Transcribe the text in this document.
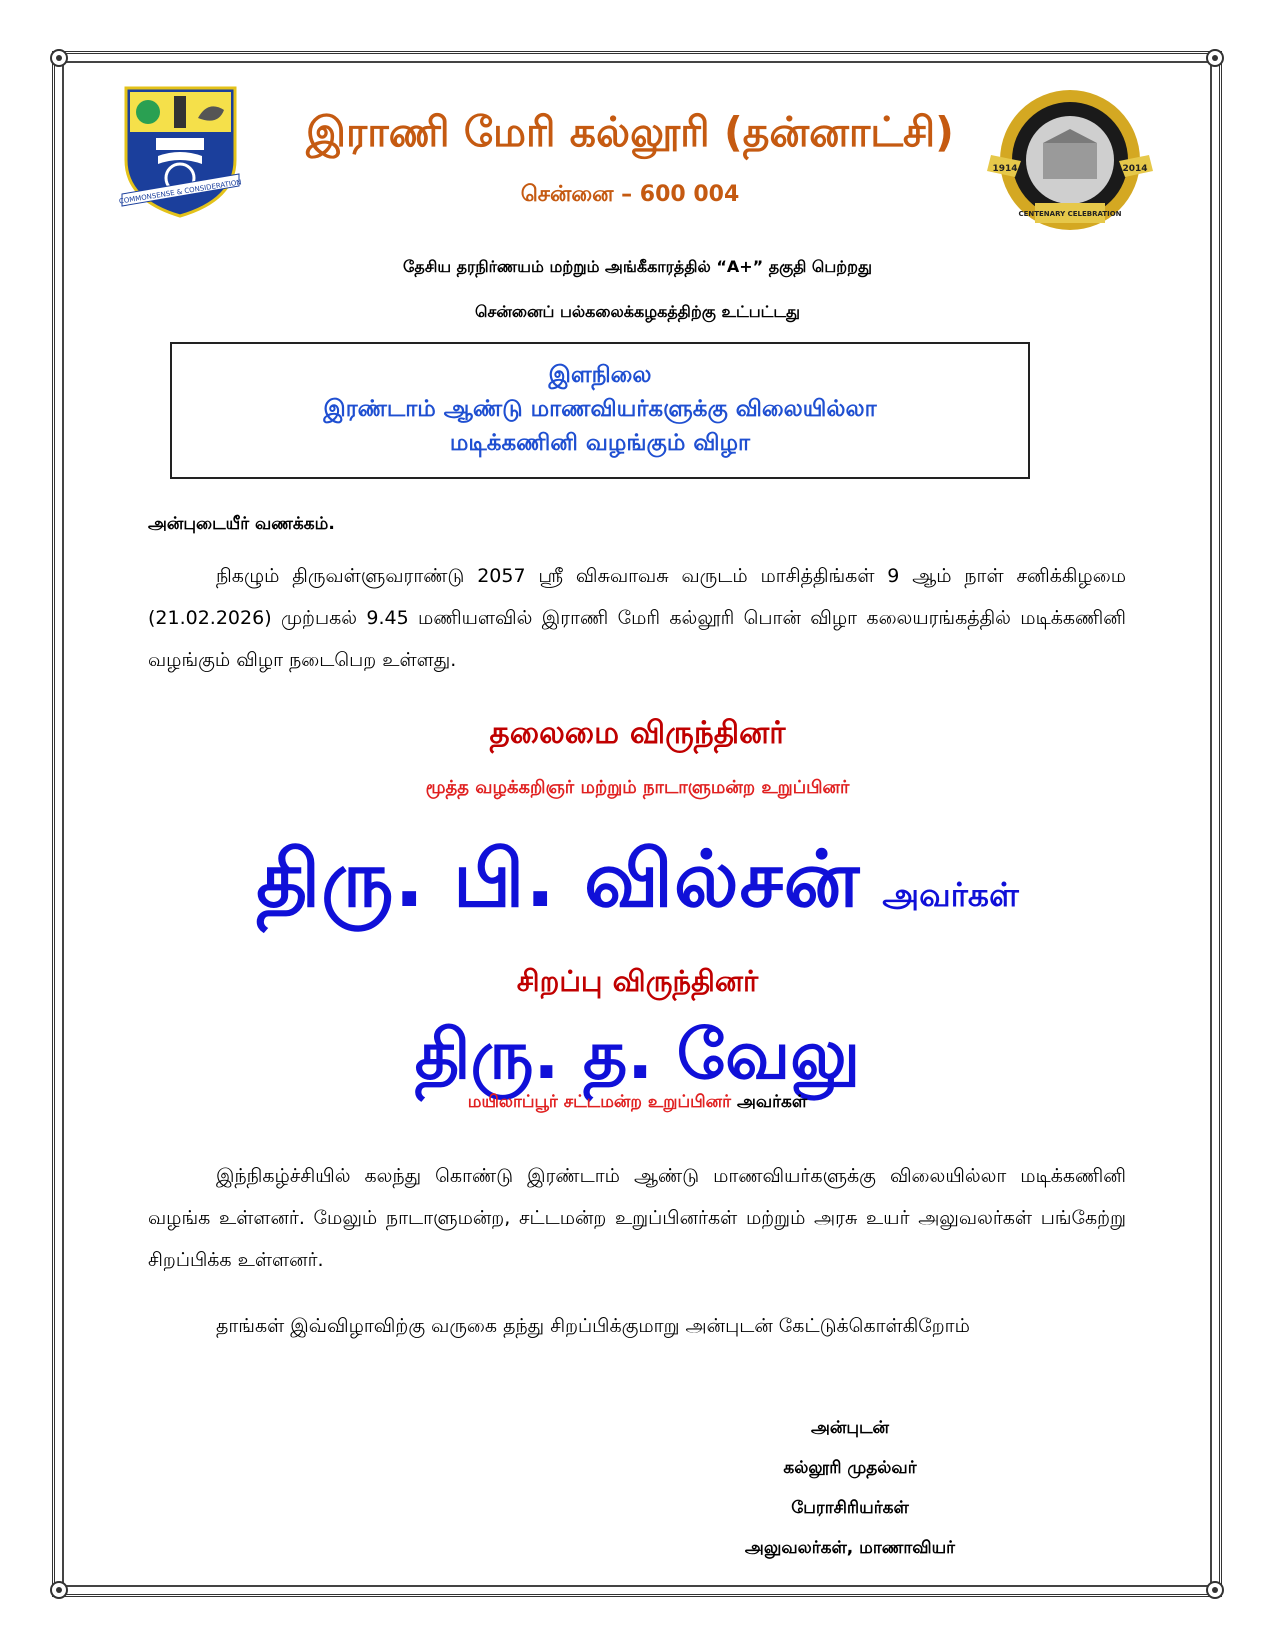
COMMONSENSE & CONSIDERATION
1914	2014
CENTENARY CELEBRATION
இராணி மேரி கல்லூரி (தன்னாட்சி)
சென்னை – 600 004
தேசிய தரநிர்ணயம் மற்றும் அங்கீகாரத்தில் “A+” தகுதி பெற்றது
சென்னைப் பல்கலைக்கழகத்திற்கு உட்பட்டது
இளநிலை
இரண்டாம் ஆண்டு மாணவியர்களுக்கு விலையில்லா
மடிக்கணினி வழங்கும் விழா
அன்புடையீர் வணக்கம்.
நிகழும் திருவள்ளுவராண்டு 2057 ஸ்ரீ விசுவாவசு வருடம் மாசித்திங்கள் 9 ஆம் நாள் சனிக்கிழமை (21.02.2026) முற்பகல் 9.45 மணியளவில் இராணி மேரி கல்லூரி பொன் விழா கலையரங்கத்தில் மடிக்கணினி வழங்கும் விழா நடைபெற உள்ளது.
தலைமை விருந்தினர்
மூத்த வழக்கறிஞர் மற்றும் நாடாளுமன்ற உறுப்பினர்
திரு. பி. வில்சன் அவர்கள்
சிறப்பு விருந்தினர்
திரு. த. வேலு
மயிலாப்பூர் சட்டமன்ற உறுப்பினர் அவர்கள்
இந்நிகழ்ச்சியில் கலந்து கொண்டு இரண்டாம் ஆண்டு மாணவியர்களுக்கு விலையில்லா மடிக்கணினி வழங்க உள்ளனர். மேலும் நாடாளுமன்ற, சட்டமன்ற உறுப்பினர்கள் மற்றும் அரசு உயர் அலுவலர்கள் பங்கேற்று சிறப்பிக்க உள்ளனர்.
தாங்கள் இவ்விழாவிற்கு வருகை தந்து சிறப்பிக்குமாறு அன்புடன் கேட்டுக்கொள்கிறோம்
அன்புடன்
கல்லூரி முதல்வர்
பேராசிரியர்கள்
அலுவலர்கள், மாணாவியர்
